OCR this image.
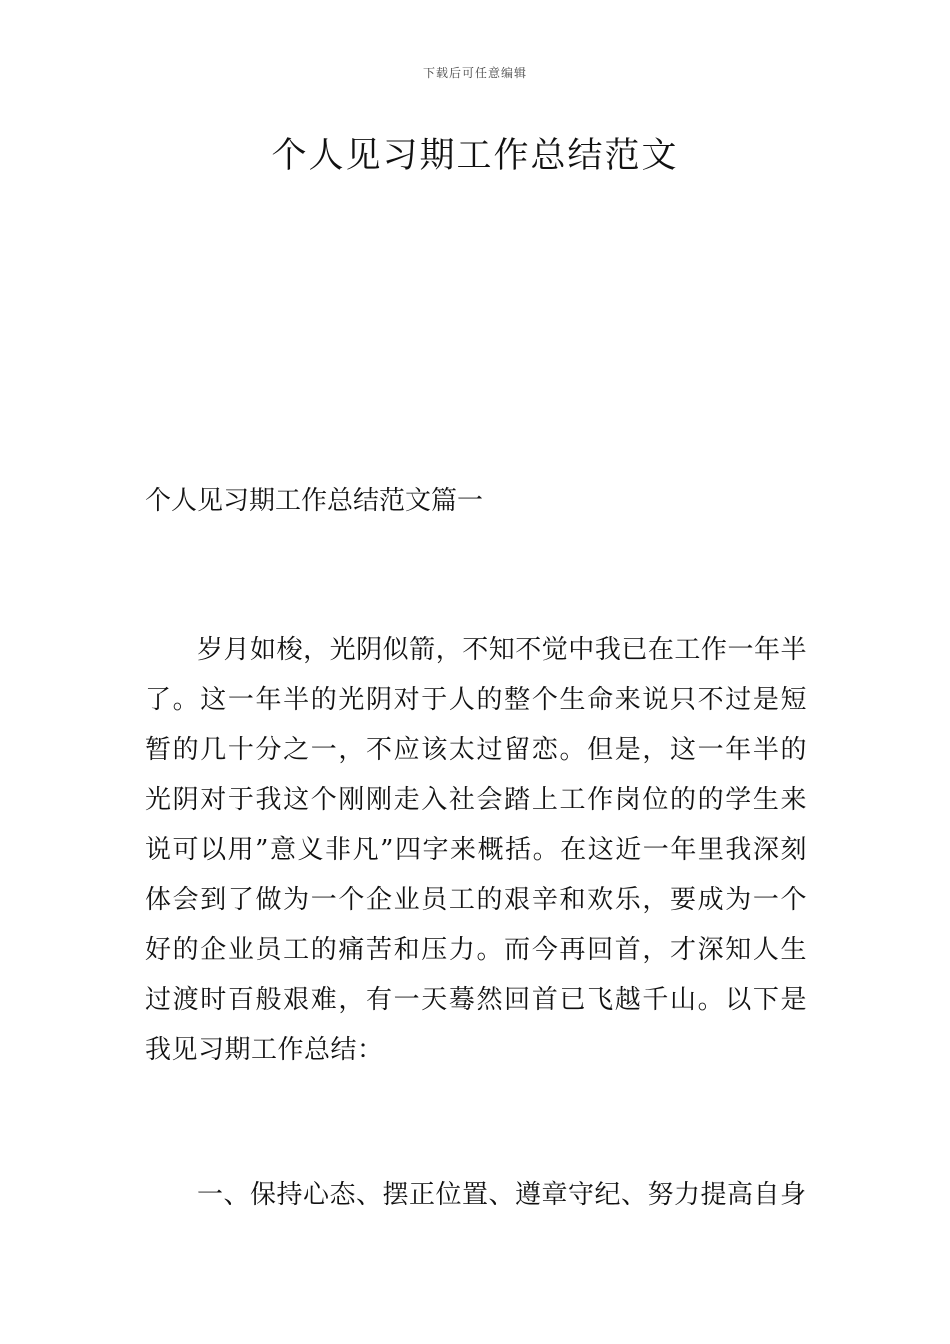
下载后可任意编辑
个人见习期工作总结范文
个人见习期工作总结范文篇一

岁月如梭，光阴似箭，不知不觉中我已在工作一年半了。这一年半的光阴对于人的整个生命来说只不过是短暂的几十分之一，不应该太过留恋。但是，这一年半的光阴对于我这个刚刚走入社会踏上工作岗位的的学生来说可以用”意义非凡”四字来概括。在这近一年里我深刻体会到了做为一个企业员工的艰辛和欢乐，要成为一个好的企业员工的痛苦和压力。而今再回首，才深知人生过渡时百般艰难，有一天蓦然回首已飞越千山。以下是我见习期工作总结：

一、保持心态、摆正位置、遵章守纪、努力提高自身
